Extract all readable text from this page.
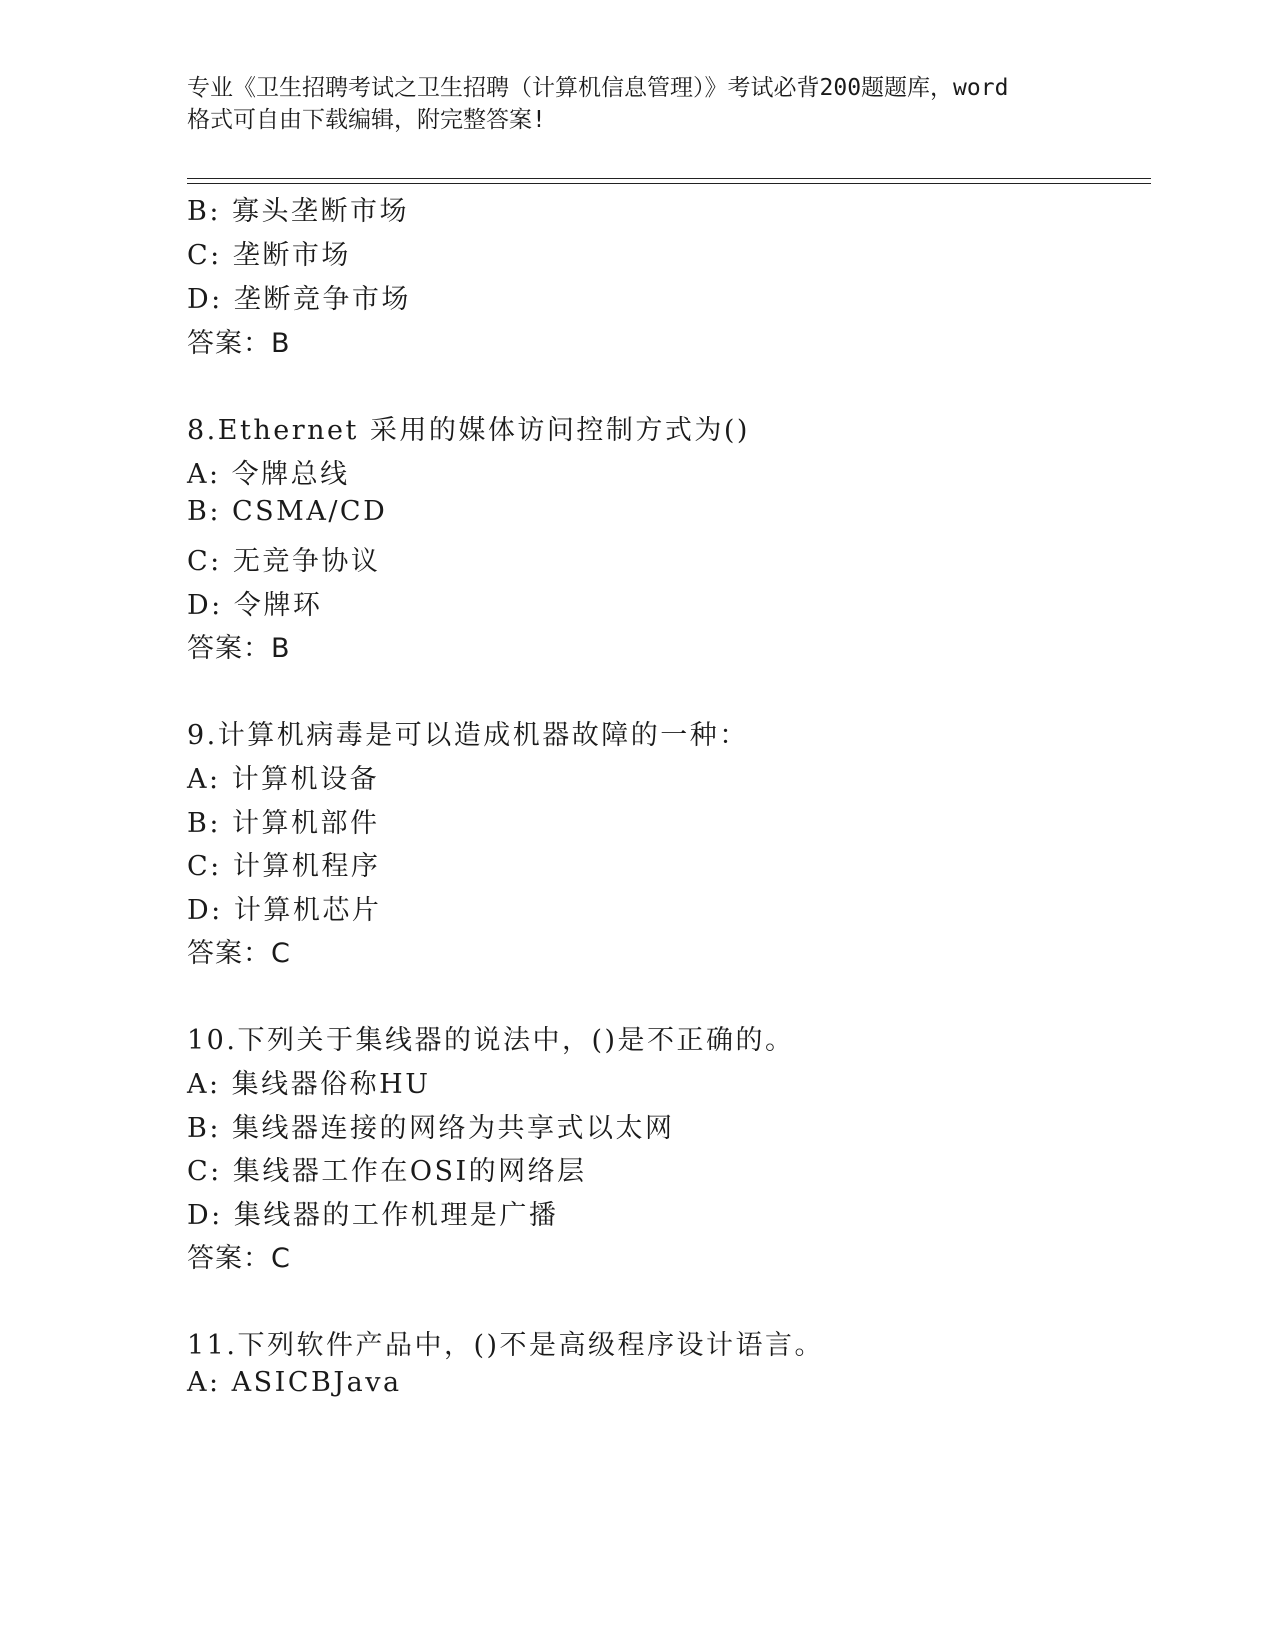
专业《卫生招聘考试之卫生招聘（计算机信息管理）》考试必背200题题库，word
格式可自由下载编辑，附完整答案!
B: 寡头垄断市场
C: 垄断市场
D: 垄断竞争市场
答案：B
8.Ethernet 采用的媒体访问控制方式为()
A: 令牌总线
B: CSMA/CD
C: 无竞争协议
D: 令牌环
答案：B
9.计算机病毒是可以造成机器故障的一种：
A: 计算机设备
B: 计算机部件
C: 计算机程序
D: 计算机芯片
答案：C
10.下列关于集线器的说法中，()是不正确的。
A: 集线器俗称HU
B: 集线器连接的网络为共享式以太网
C: 集线器工作在OSI的网络层
D: 集线器的工作机理是广播
答案：C
11.下列软件产品中，()不是高级程序设计语言。
A: ASICBJava
